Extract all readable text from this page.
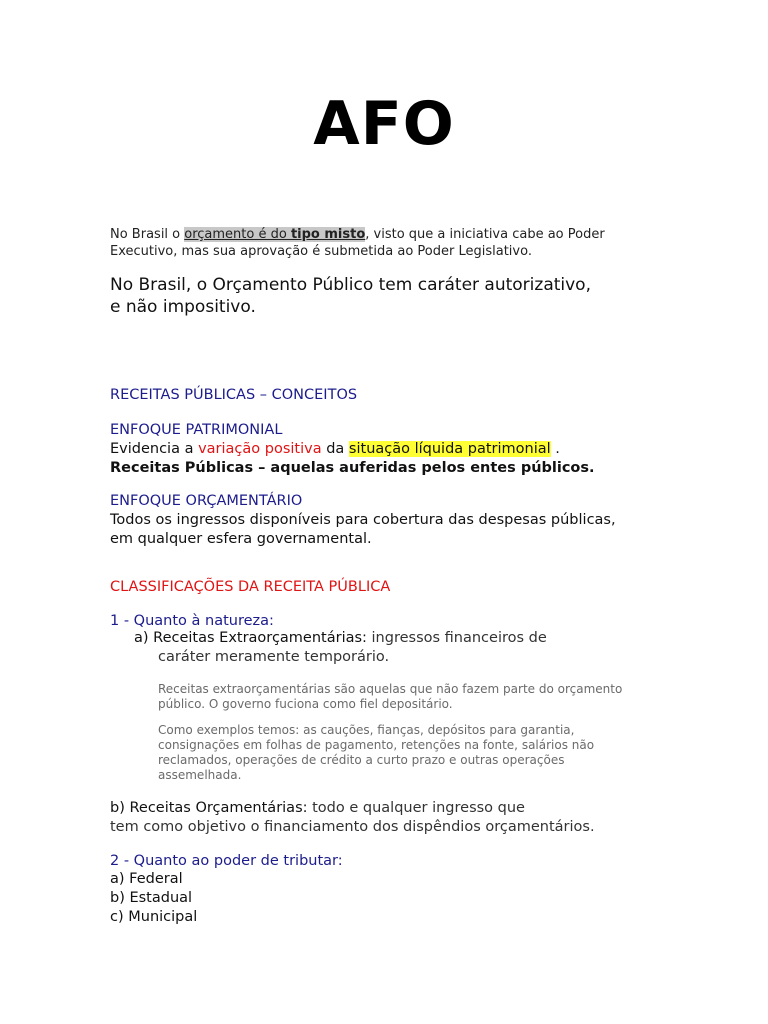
AFO
No Brasil o orçamento é do tipo misto, visto que a iniciativa cabe ao Poder
Executivo, mas sua aprovação é submetida ao Poder Legislativo.
No Brasil, o Orçamento Público tem caráter autorizativo,
e não impositivo.
RECEITAS PÚBLICAS – CONCEITOS
ENFOQUE PATRIMONIAL
Evidencia a variação positiva da situação líquida patrimonial .
Receitas Públicas – aquelas auferidas pelos entes públicos.
ENFOQUE ORÇAMENTÁRIO
Todos os ingressos disponíveis para cobertura das despesas públicas,
em qualquer esfera governamental.
CLASSIFICAÇÕES DA RECEITA PÚBLICA
1 - Quanto à natureza:
a) Receitas Extraorçamentárias: ingressos financeiros de
caráter meramente temporário.
Receitas extraorçamentárias são aquelas que não fazem parte do orçamento
público. O governo fuciona como fiel depositário.
Como exemplos temos: as cauções, fianças, depósitos para garantia,
consignações em folhas de pagamento, retenções na fonte, salários não
reclamados, operações de crédito a curto prazo e outras operações
assemelhada.
b) Receitas Orçamentárias: todo e qualquer ingresso que
tem como objetivo o financiamento dos dispêndios orçamentários.
2 - Quanto ao poder de tributar:
a) Federal
b) Estadual
c) Municipal
